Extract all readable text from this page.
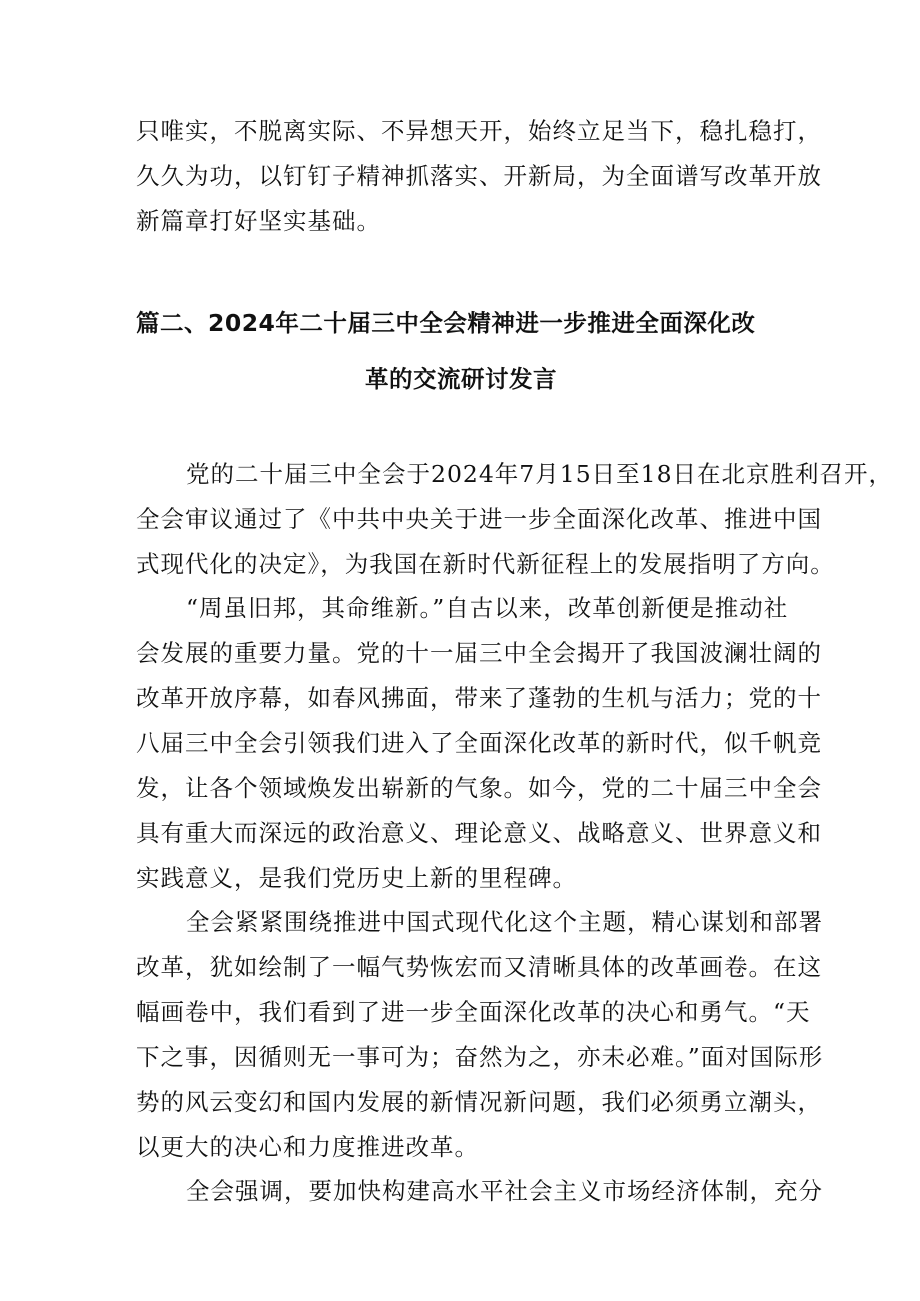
只唯实，不脱离实际、不异想天开，始终立足当下，稳扎稳打，

久久为功，以钉钉子精神抓落实、开新局，为全面谱写改革开放

新篇章打好坚实基础。

篇二、2024年二十届三中全会精神进一步推进全面深化改

革的交流研讨发言

党的二十届三中全会于2024年7月15日至18日在北京胜利召开，

全会审议通过了《中共中央关于进一步全面深化改革、推进中国

式现代化的决定》，为我国在新时代新征程上的发展指明了方向。

“周虽旧邦，其命维新。”自古以来，改革创新便是推动社

会发展的重要力量。党的十一届三中全会揭开了我国波澜壮阔的

改革开放序幕，如春风拂面，带来了蓬勃的生机与活力；党的十

八届三中全会引领我们进入了全面深化改革的新时代，似千帆竞

发，让各个领域焕发出崭新的气象。如今，党的二十届三中全会

具有重大而深远的政治意义、理论意义、战略意义、世界意义和

实践意义，是我们党历史上新的里程碑。

全会紧紧围绕推进中国式现代化这个主题，精心谋划和部署

改革，犹如绘制了一幅气势恢宏而又清晰具体的改革画卷。在这

幅画卷中，我们看到了进一步全面深化改革的决心和勇气。“天

下之事，因循则无一事可为；奋然为之，亦未必难。”面对国际形

势的风云变幻和国内发展的新情况新问题，我们必须勇立潮头，

以更大的决心和力度推进改革。

全会强调，要加快构建高水平社会主义市场经济体制，充分
